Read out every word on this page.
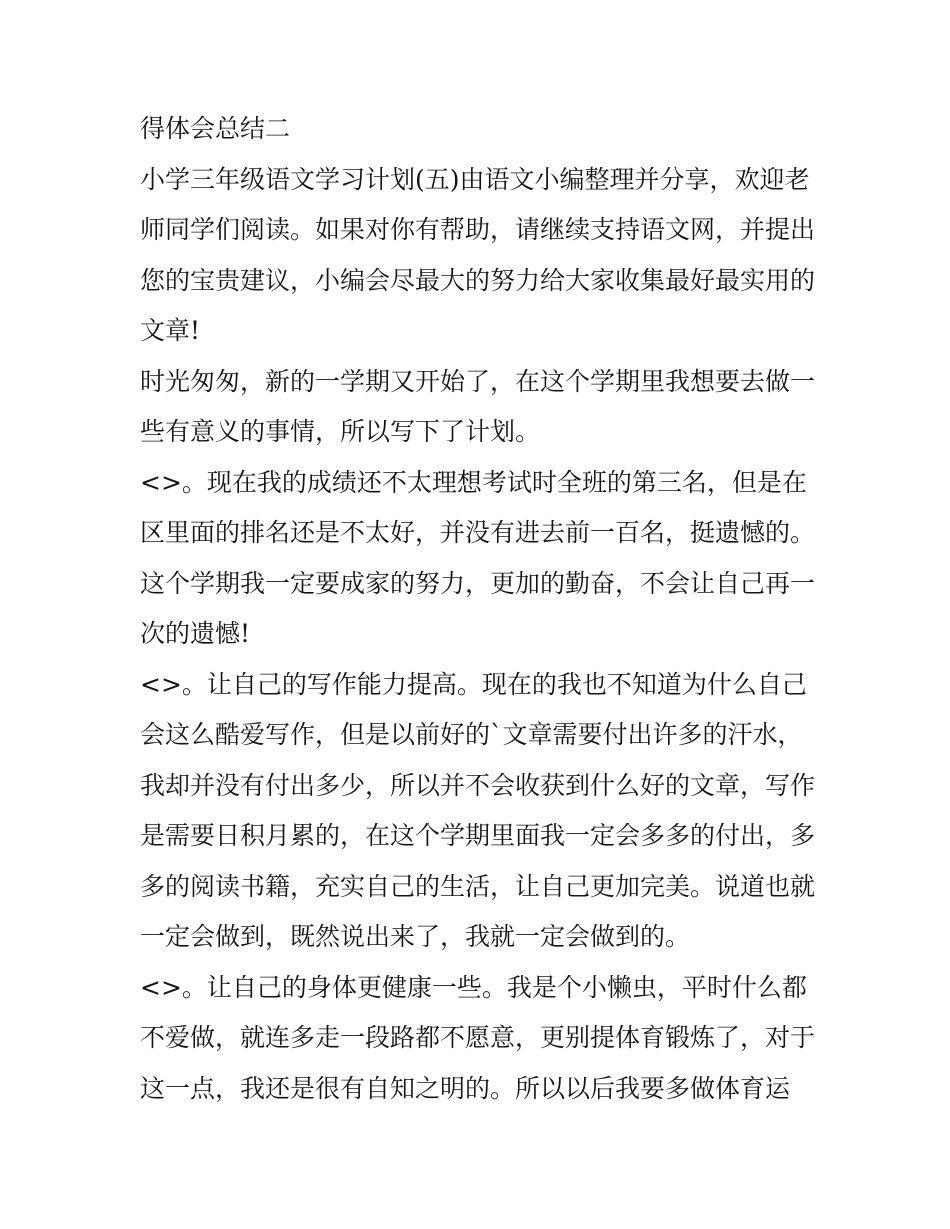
得体会总结二

小学三年级语文学习计划(五)由语文小编整理并分享，欢迎老

师同学们阅读。如果对你有帮助，请继续支持语文网，并提出

您的宝贵建议，小编会尽最大的努力给大家收集最好最实用的

文章!

时光匆匆，新的一学期又开始了，在这个学期里我想要去做一

些有意义的事情，所以写下了计划。

<>。现在我的成绩还不太理想考试时全班的第三名，但是在

区里面的排名还是不太好，并没有进去前一百名，挺遗憾的。

这个学期我一定要成家的努力，更加的勤奋，不会让自己再一

次的遗憾!

<>。让自己的写作能力提高。现在的我也不知道为什么自己

会这么酷爱写作，但是以前好的`文章需要付出许多的汗水，

我却并没有付出多少，所以并不会收获到什么好的文章，写作

是需要日积月累的，在这个学期里面我一定会多多的付出，多

多的阅读书籍，充实自己的生活，让自己更加完美。说道也就

一定会做到，既然说出来了，我就一定会做到的。

<>。让自己的身体更健康一些。我是个小懒虫，平时什么都

不爱做，就连多走一段路都不愿意，更别提体育锻炼了，对于

这一点，我还是很有自知之明的。所以以后我要多做体育运
